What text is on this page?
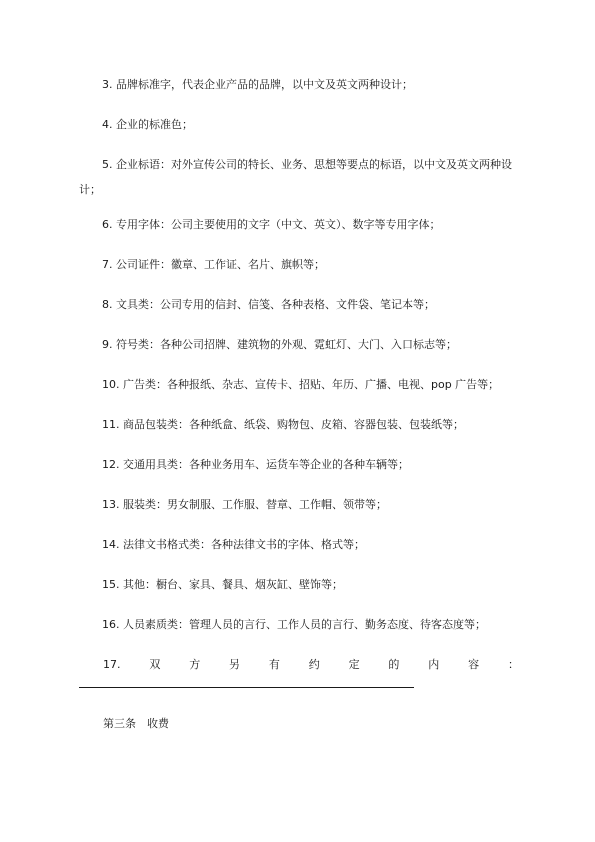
3. 品牌标准字，代表企业产品的品牌，以中文及英文两种设计；

4. 企业的标准色；

5. 企业标语：对外宣传公司的特长、业务、思想等要点的标语，以中文及英文两种设计；

6. 专用字体：公司主要使用的文字（中文、英文）、数字等专用字体；

7. 公司证件：徽章、工作证、名片、旗帜等；

8. 文具类：公司专用的信封、信笺、各种表格、文件袋、笔记本等；

9. 符号类：各种公司招牌、建筑物的外观、霓虹灯、大门、入口标志等；

10. 广告类：各种报纸、杂志、宣传卡、招贴、年历、广播、电视、pop 广告等；

11. 商品包装类：各种纸盒、纸袋、购物包、皮箱、容器包装、包装纸等；

12. 交通用具类：各种业务用车、运货车等企业的各种车辆等；

13. 服装类：男女制服、工作服、替章、工作帽、领带等；

14. 法律文书格式类：各种法律文书的字体、格式等；

15. 其他：橱台、家具、餐具、烟灰缸、壁饰等；

16. 人员素质类：管理人员的言行、工作人员的言行、勤务态度、待客态度等；

17.	双	方	另	有	约	定	的	内	容	：
第三条　收费
